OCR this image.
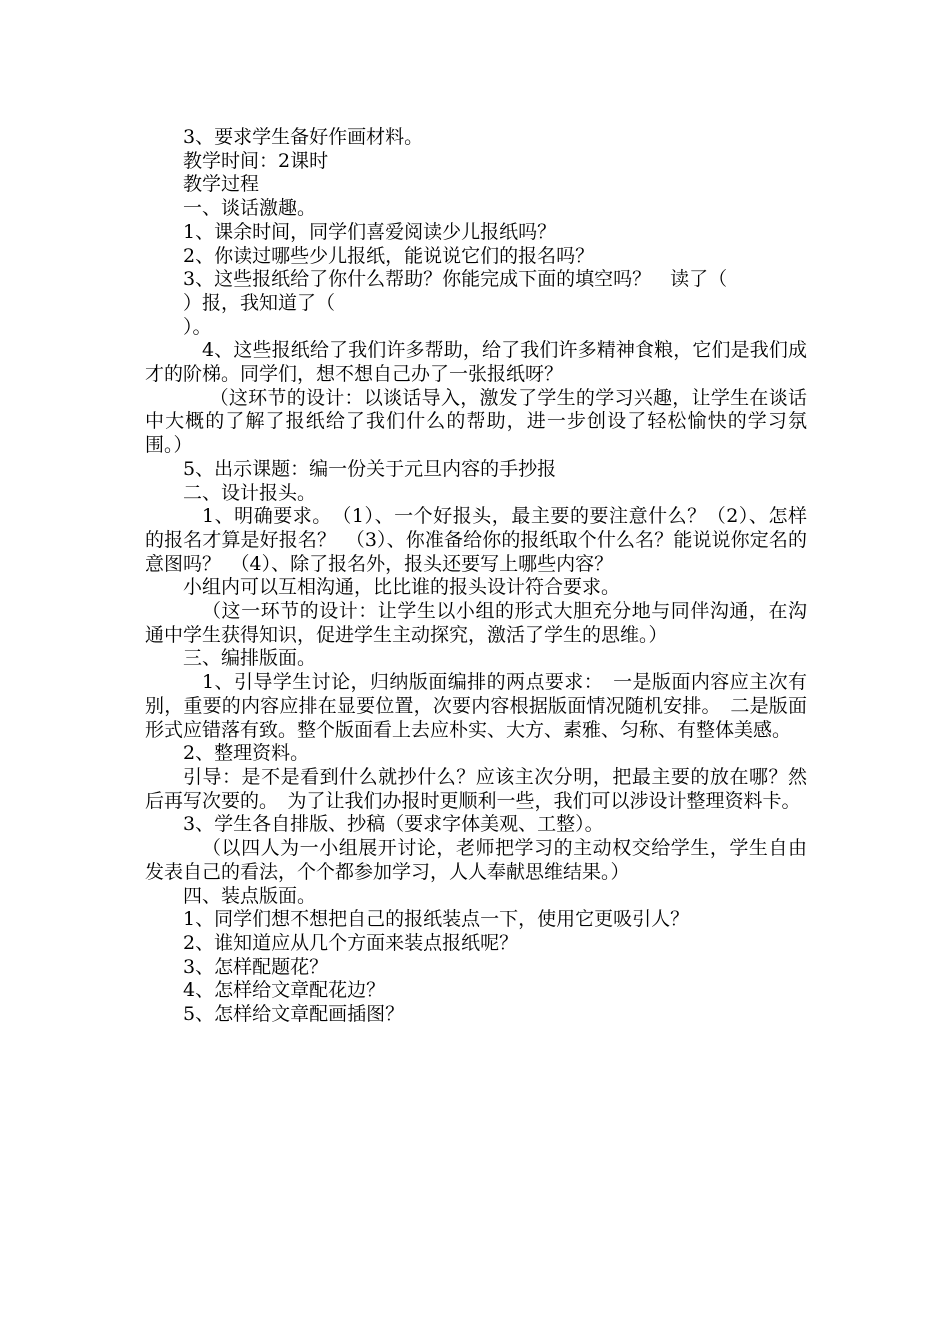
3、要求学生备好作画材料。

教学时间：2课时

教学过程

一、谈话激趣。

1、课余时间，同学们喜爱阅读少儿报纸吗？

2、你读过哪些少儿报纸，能说说它们的报名吗？

3、这些报纸给了你什么帮助？你能完成下面的填空吗？　读了（

）报，我知道了（

）。

4、这些报纸给了我们许多帮助，给了我们许多精神食粮，它们是我们成才的阶梯。同学们，想不想自己办了一张报纸呀？

（这环节的设计：以谈话导入，激发了学生的学习兴趣，让学生在谈话中大概的了解了报纸给了我们什么的帮助，进一步创设了轻松愉快的学习氛围。）

5、出示课题：编一份关于元旦内容的手抄报

二、设计报头。

1、明确要求。　（1）、一个好报头，最主要的要注意什么？（2）、怎样的报名才算是好报名？　（3）、你准备给你的报纸取个什么名？能说说你定名的意图吗？　（4）、除了报名外，报头还要写上哪些内容？

小组内可以互相沟通，比比谁的报头设计符合要求。

（这一环节的设计：让学生以小组的形式大胆充分地与同伴沟通，在沟通中学生获得知识，促进学生主动探究，激活了学生的思维。）

三、编排版面。

1、引导学生讨论，归纳版面编排的两点要求：　一是版面内容应主次有别，重要的内容应排在显要位置，次要内容根据版面情况随机安排。　二是版面形式应错落有致。整个版面看上去应朴实、大方、素雅、匀称、有整体美感。

2、整理资料。

引导：是不是看到什么就抄什么？应该主次分明，把最主要的放在哪？然后再写次要的。　为了让我们办报时更顺利一些，我们可以涉设计整理资料卡。

3、学生各自排版、抄稿（要求字体美观、工整）。

（以四人为一小组展开讨论，老师把学习的主动权交给学生，学生自由发表自己的看法，个个都参加学习，人人奉献思维结果。）

四、装点版面。

1、同学们想不想把自己的报纸装点一下，使用它更吸引人？

2、谁知道应从几个方面来装点报纸呢？

3、怎样配题花？

4、怎样给文章配花边？

5、怎样给文章配画插图？
